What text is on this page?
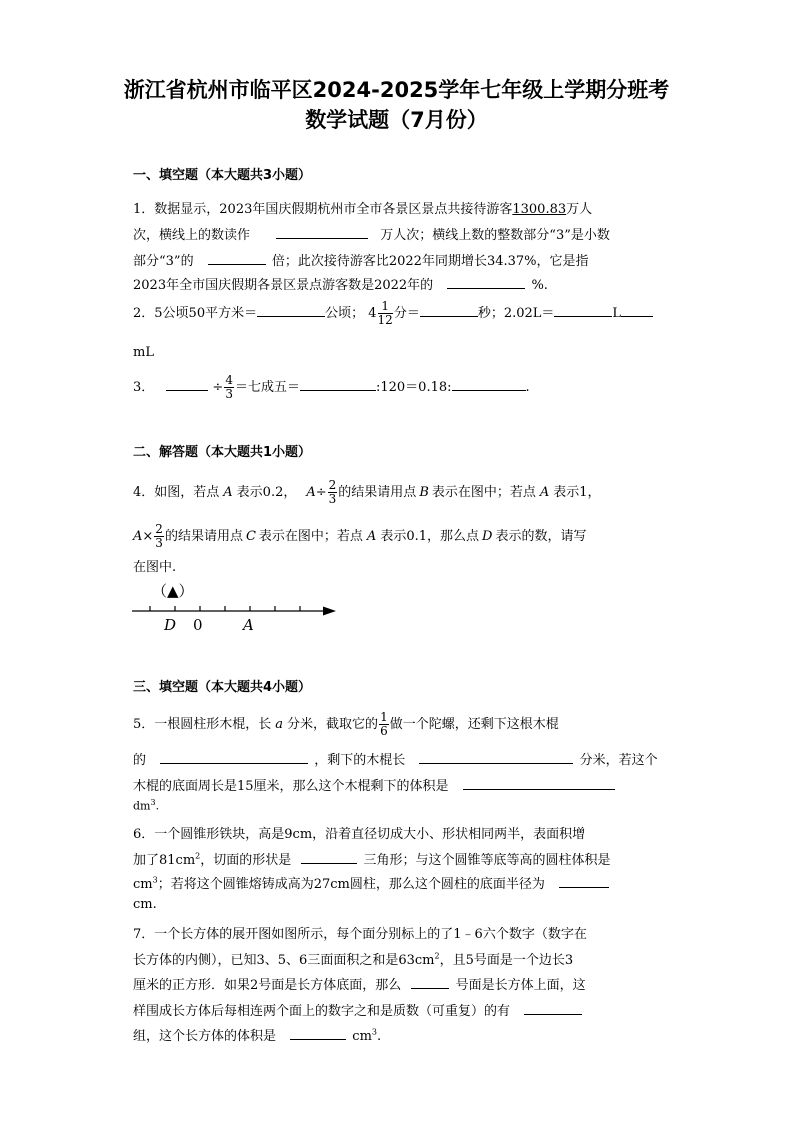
浙江省杭州市临平区2024-2025学年七年级上学期分班考
数学试题（7月份）
一、填空题（本大题共3小题）
1．数据显示，2023年国庆假期杭州市全市各景区景点共接待游客1300.83万人
次，横线上的数读作	万人次；横线上数的整数部分“3”是小数
部分“3”的	倍；此次接待游客比2022年同期增长34.37%，它是指
2023年全市国庆假期各景区景点游客数是2022年的	%.
2．5公顷50平方米＝	公顷； $4 \frac{1}{12}$ 分＝	秒；2.02L＝	L
mL
3．	÷ $\frac{4}{3}$ ＝七成五＝	:120＝0.18:	.
二、解答题（本大题共1小题）
4．如图，若点 A 表示0.2， $A\div \frac{2}{3}$ 的结果请用点 B 表示在图中；若点 A 表示1，
$A\times \frac{2}{3}$ 的结果请用点 C 表示在图中；若点 A 表示0.1，那么点 D 表示的数，请写
在图中.
（▲）
D 0	A
三、填空题（本大题共4小题）
5．一根圆柱形木棍，长 a 分米，截取它的 $\frac{1}{6}$ 做一个陀螺，还剩下这根木棍
的	，剩下的木棍长	分米，若这个
木棍的底面周长是15厘米，那么这个木棍剩下的体积是
$dm^3$.
6．一个圆锥形铁块，高是9cm，沿着直径切成大小、形状相同两半，表面积增
加了$81cm^2$，切面的形状是	三角形；与这个圆锥等底等高的圆柱体积是
$cm^3$；若将这个圆锥熔铸成高为27cm圆柱，那么这个圆柱的底面半径为
cm.
7．一个长方体的展开图如图所示，每个面分别标上的了1﹣6六个数字（数字在
长方体的内侧），已知3、5、6三面面积之和是$63cm^2$，且5号面是一个边长3
厘米的正方形．如果2号面是长方体底面，那么	号面是长方体上面，这
样围成长方体后每相连两个面上的数字之和是质数（可重复）的有
组，这个长方体的体积是	$cm^3$.
